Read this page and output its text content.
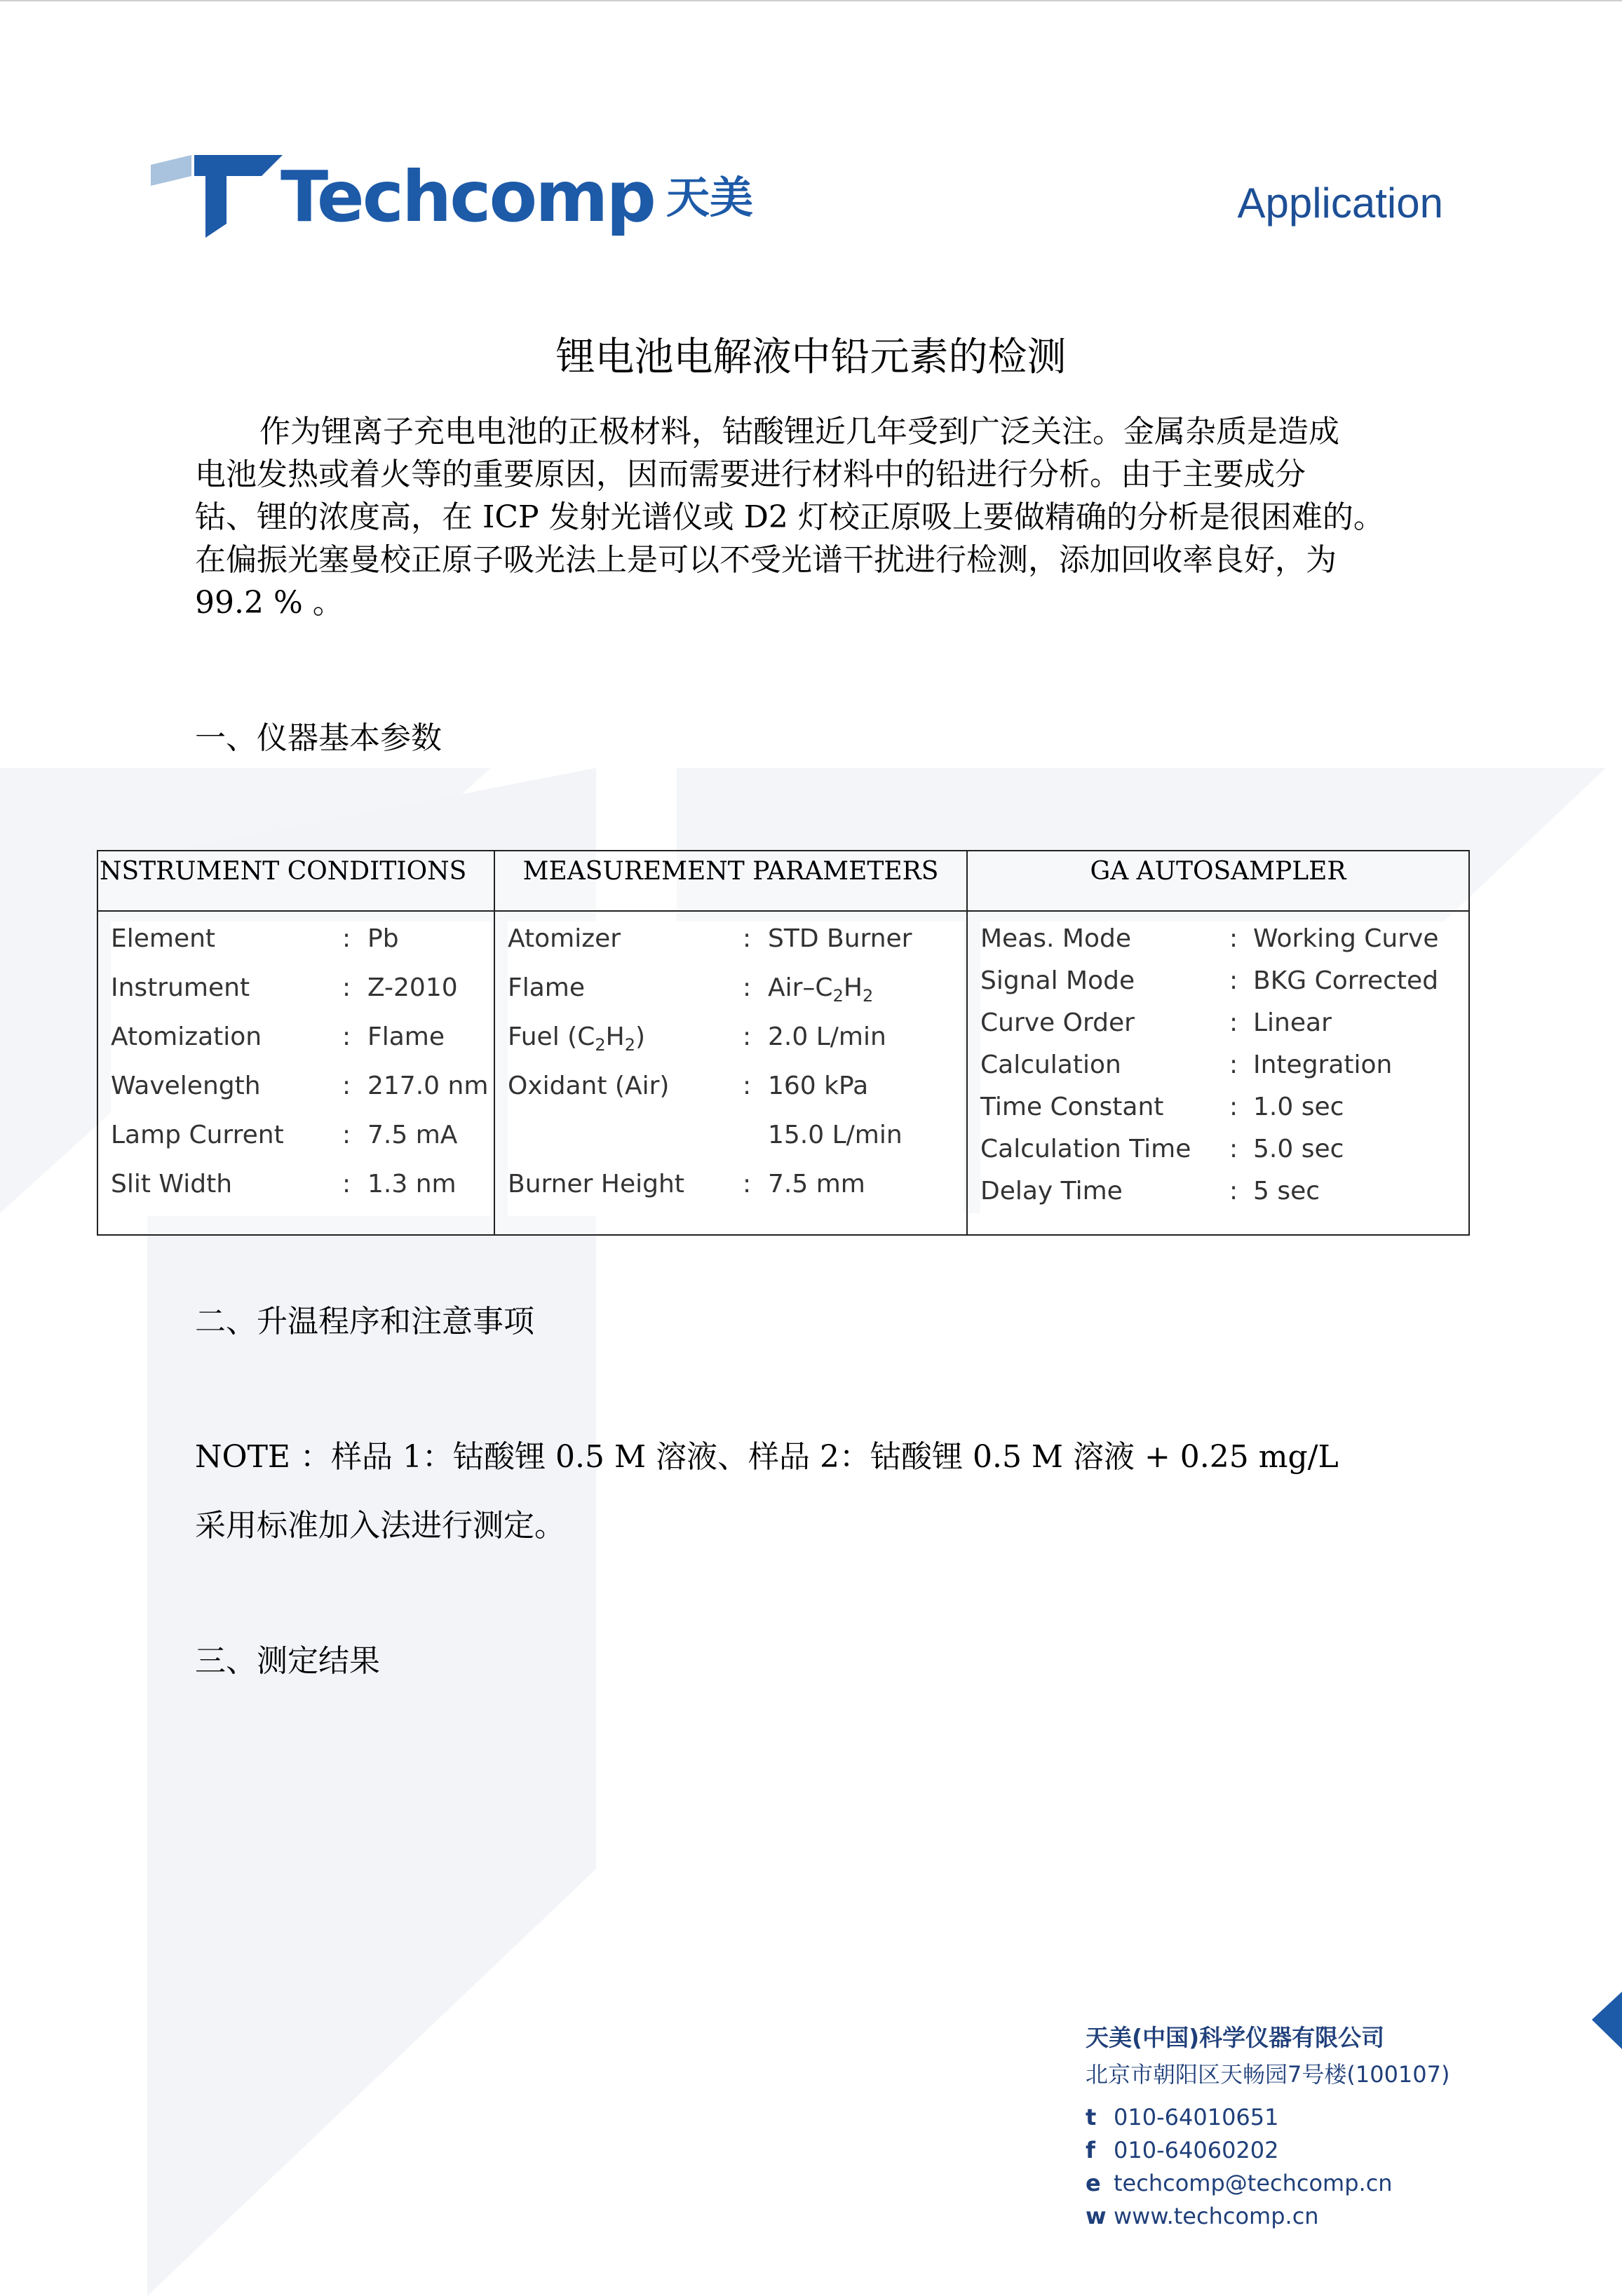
Techcomp 天美	Application
锂电池电解液中铅元素的检测
作为锂离子充电电池的正极材料，钴酸锂近几年受到广泛关注。金属杂质是造成
电池发热或着火等的重要原因，因而需要进行材料中的铅进行分析。由于主要成分
钴、锂的浓度高，在 ICP 发射光谱仪或 D2 灯校正原吸上要做精确的分析是很困难的。
在偏振光塞曼校正原子吸光法上是可以不受光谱干扰进行检测，添加回收率良好，为
99.2 % 。
一、仪器基本参数
NSTRUMENT CONDITIONS
Element	: Pb
Instrument	: Z-2010
Atomization	: Flame
Wavelength	: 217.0 nm
Lamp Current : 7.5 mA
Slit Width	: 1.3 nm
MEASUREMENT PARAMETERS
Atomizer	: STD Burner
Flame	: Air–$C_2H_2$
Fuel $(C_2H_2)$	: 2.0 L/min
Oxidant (Air)	: 160 kPa
15.0 L/min
Burner Height : 7.5 mm
GA AUTOSAMPLER
Meas. Mode	: Working Curve
Signal Mode	: BKG Corrected
Curve Order	: Linear
Calculation	: Integration
Time Constant	: 1.0 sec
Calculation Time : 5.0 sec
Delay Time	: 5 sec
二、升温程序和注意事项
NOTE ：样品 1：钴酸锂 0.5 M 溶液、样品 2：钴酸锂 0.5 M 溶液 + 0.25 mg/L
采用标准加入法进行测定。
三、测定结果
天美(中国)科学仪器有限公司
北京市朝阳区天畅园7号楼(100107)
t 010-64010651
f 010-64060202
e techcomp@techcomp.cn
w www.techcomp.cn
